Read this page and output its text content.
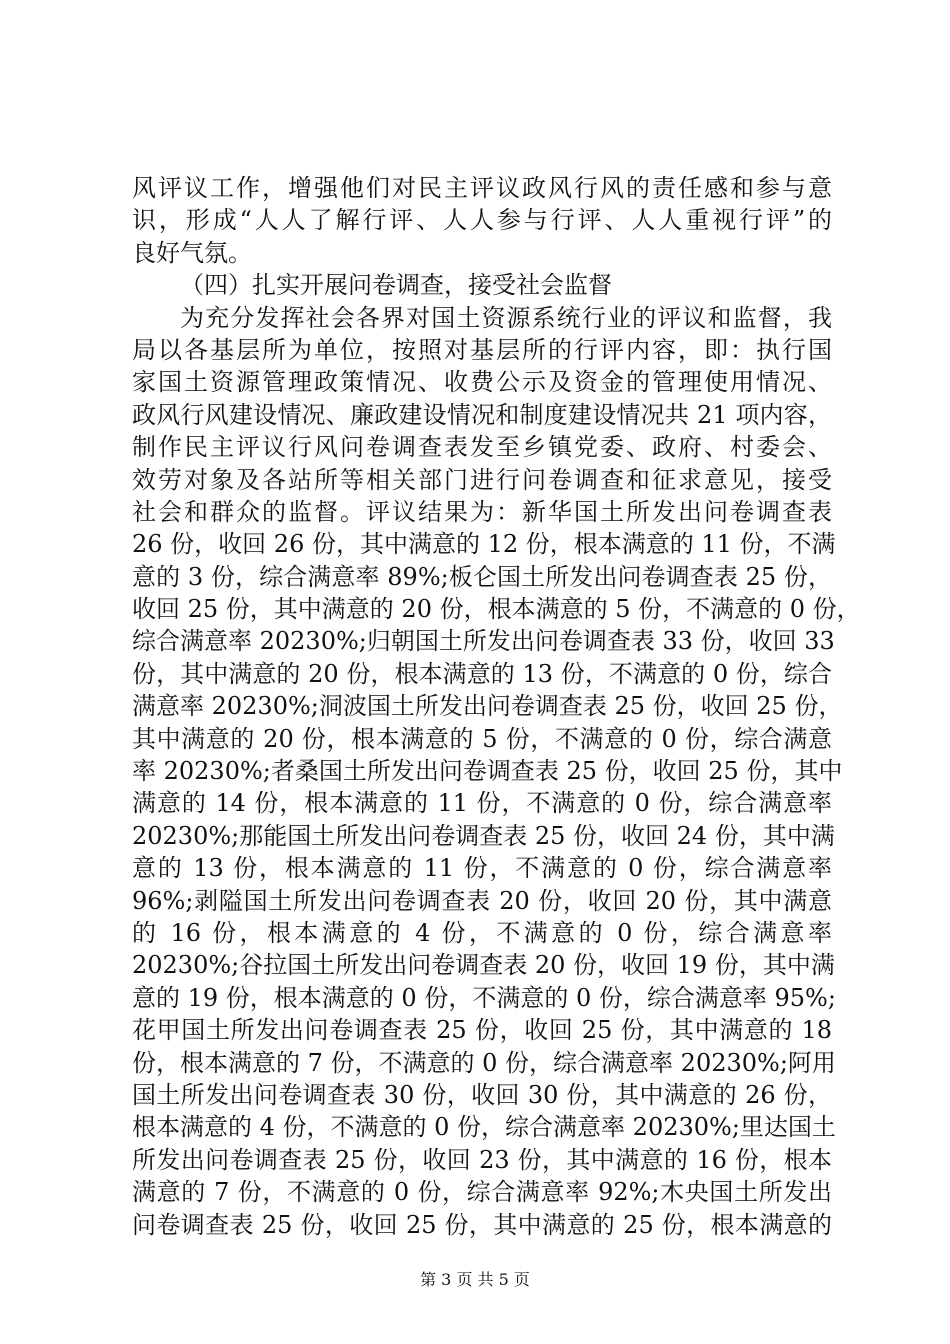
风评议工作，增强他们对民主评议政风行风的责任感和参与意
识，形成“人人了解行评、人人参与行评、人人重视行评”的
良好气氛。
（四）扎实开展问卷调查，接受社会监督
为充分发挥社会各界对国土资源系统行业的评议和监督，我
局以各基层所为单位，按照对基层所的行评内容，即：执行国
家国土资源管理政策情况、收费公示及资金的管理使用情况、
政风行风建设情况、廉政建设情况和制度建设情况共 21 项内容，
制作民主评议行风问卷调查表发至乡镇党委、政府、村委会、
效劳对象及各站所等相关部门进行问卷调查和征求意见，接受
社会和群众的监督。评议结果为：新华国土所发出问卷调查表
26 份，收回 26 份，其中满意的 12 份，根本满意的 11 份，不满
意的 3 份，综合满意率 89%;板仑国土所发出问卷调查表 25 份，
收回 25 份，其中满意的 20 份，根本满意的 5 份，不满意的 0 份，
综合满意率 20230%;归朝国土所发出问卷调查表 33 份，收回 33
份，其中满意的 20 份，根本满意的 13 份，不满意的 0 份，综合
满意率 20230%;洞波国土所发出问卷调查表 25 份，收回 25 份，
其中满意的 20 份，根本满意的 5 份，不满意的 0 份，综合满意
率 20230%;者桑国土所发出问卷调查表 25 份，收回 25 份，其中
满意的 14 份，根本满意的 11 份，不满意的 0 份，综合满意率
20230%;那能国土所发出问卷调查表 25 份，收回 24 份，其中满
意的 13 份，根本满意的 11 份，不满意的 0 份，综合满意率
96%;剥隘国土所发出问卷调查表 20 份，收回 20 份，其中满意
的 16 份，根本满意的 4 份，不满意的 0 份，综合满意率
20230%;谷拉国土所发出问卷调查表 20 份，收回 19 份，其中满
意的 19 份，根本满意的 0 份，不满意的 0 份，综合满意率 95%;
花甲国土所发出问卷调查表 25 份，收回 25 份，其中满意的 18
份，根本满意的 7 份，不满意的 0 份，综合满意率 20230%;阿用
国土所发出问卷调查表 30 份，收回 30 份，其中满意的 26 份，
根本满意的 4 份，不满意的 0 份，综合满意率 20230%;里达国土
所发出问卷调查表 25 份，收回 23 份，其中满意的 16 份，根本
满意的 7 份，不满意的 0 份，综合满意率 92%;木央国土所发出
问卷调查表 25 份，收回 25 份，其中满意的 25 份，根本满意的
第 3 页 共 5 页
